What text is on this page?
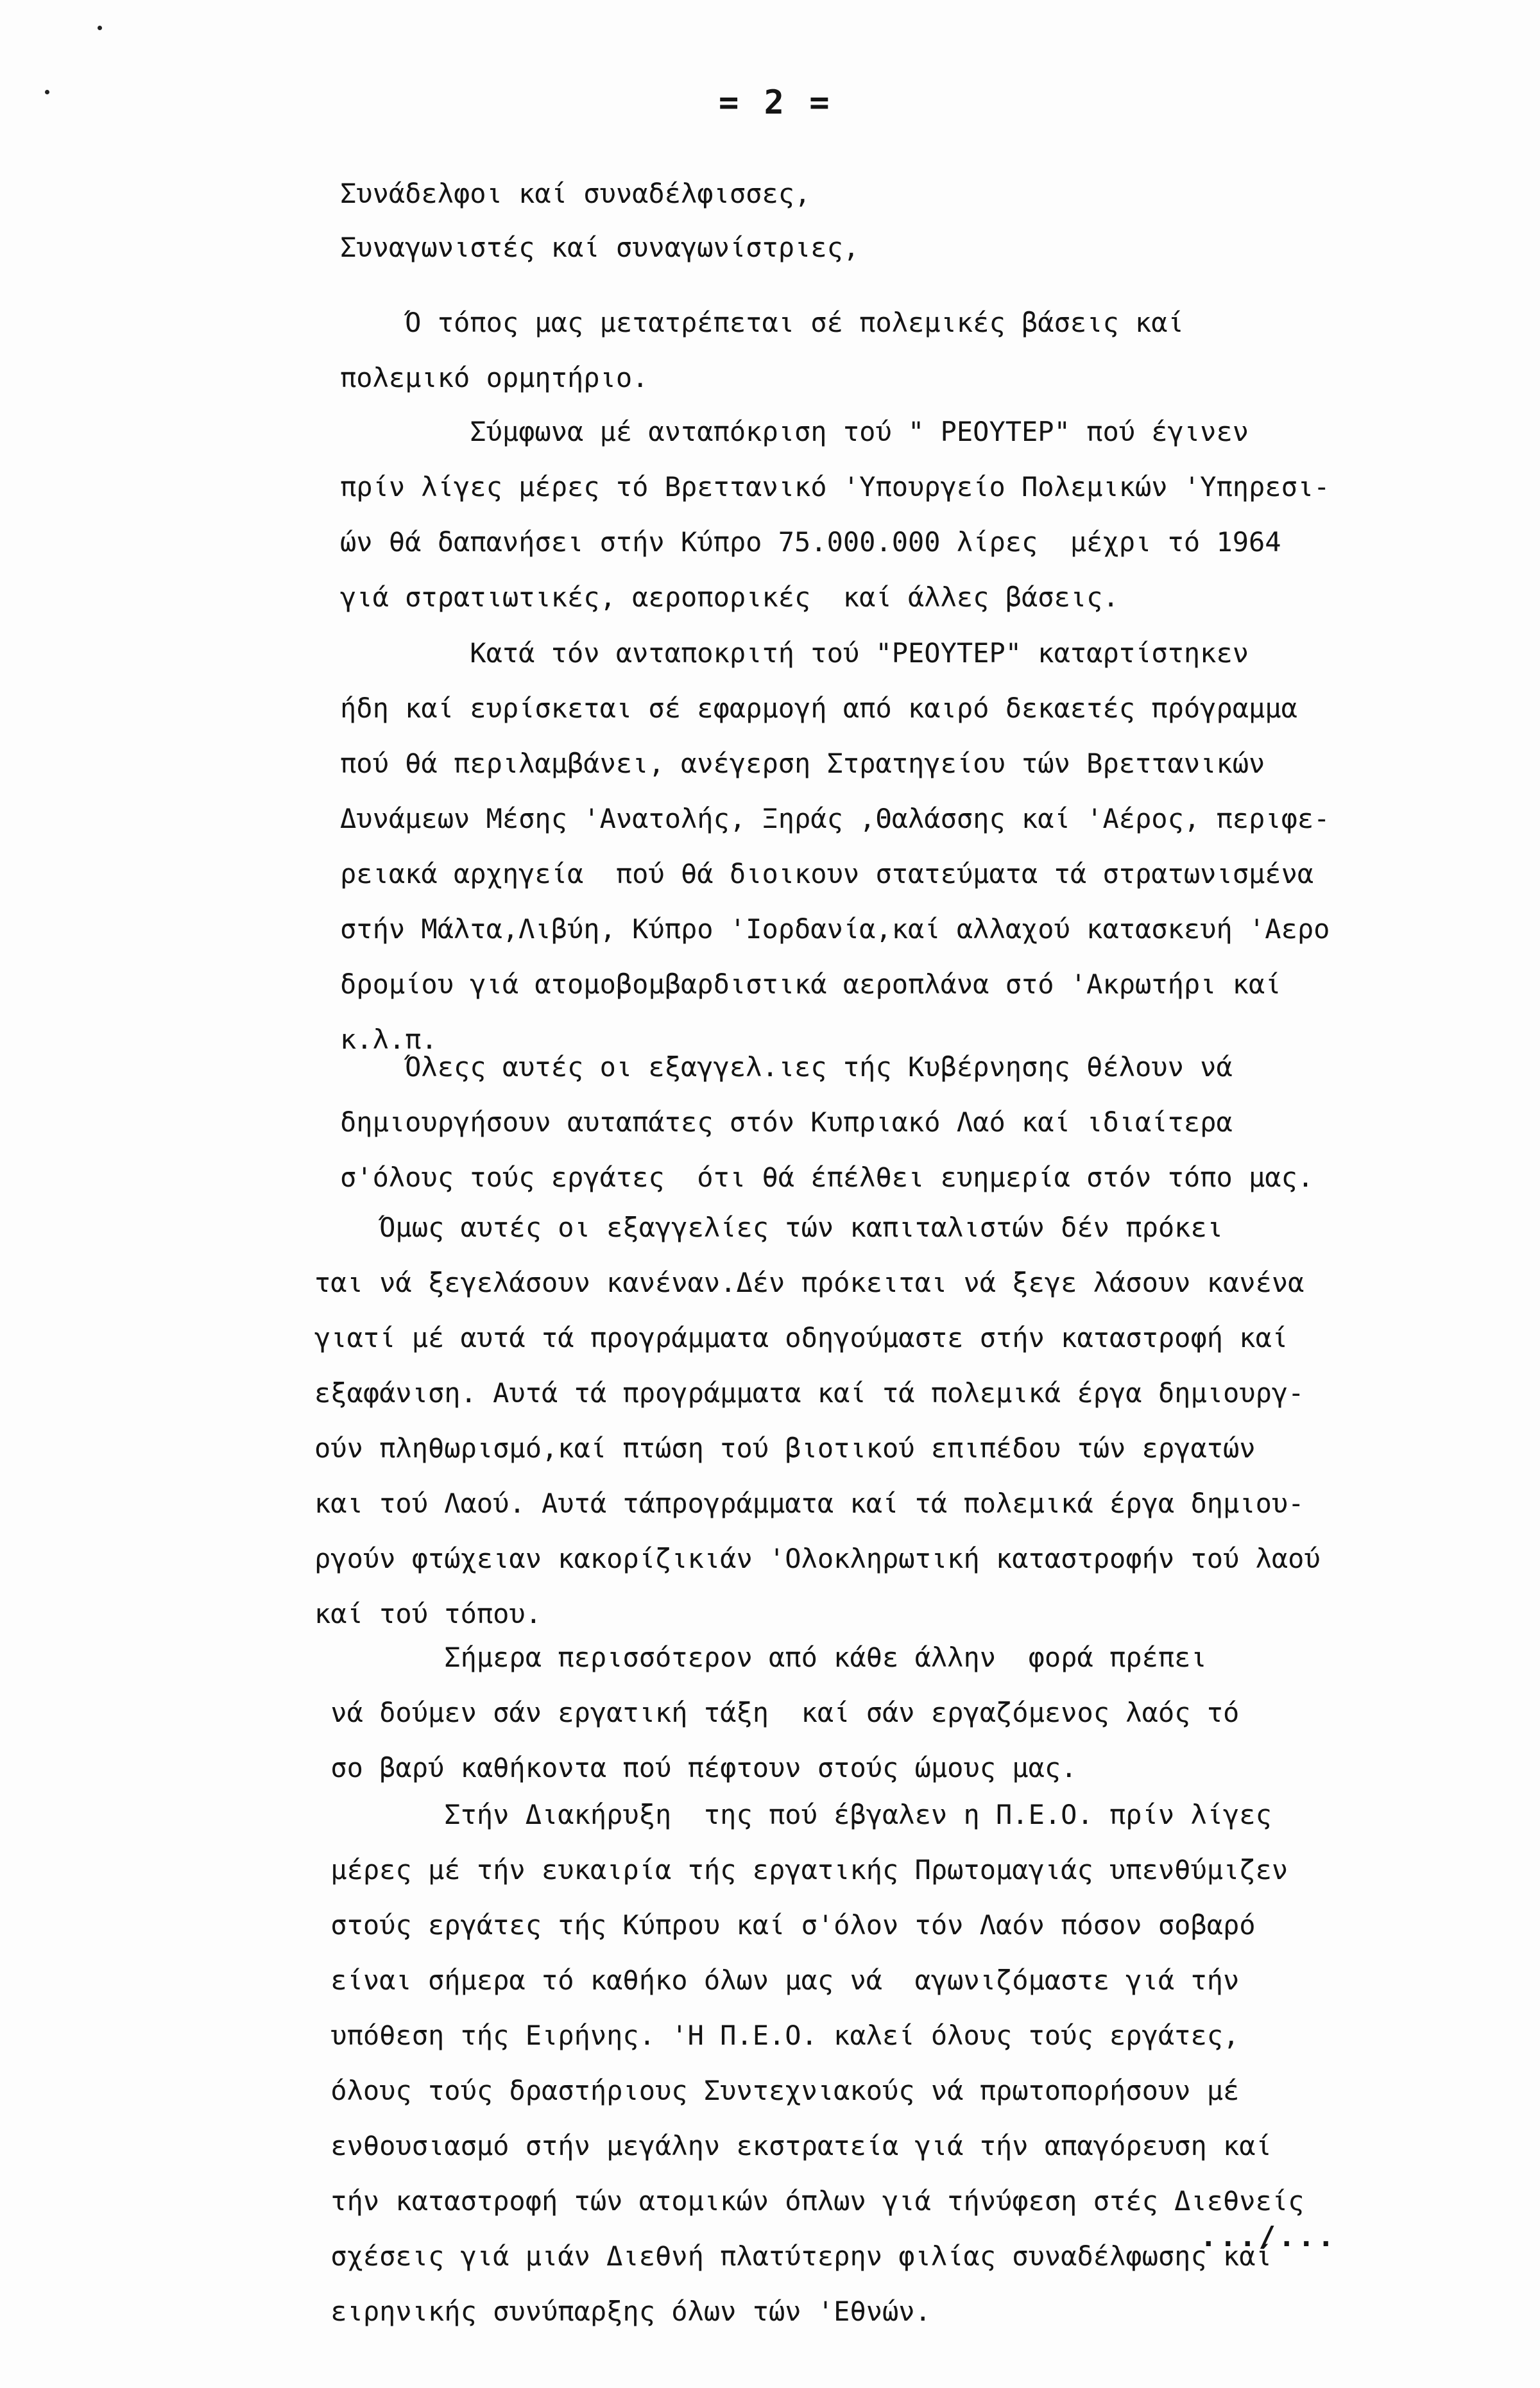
= 2 =
Συνάδελφοι καί συναδέλφισσες,
Συναγωνιστές καί συναγωνίστριες,

Ό τόπος μας μετατρέπεται σέ πολεμικές βάσεις καί
πολεμικό ορμητήριο.

Σύμφωνα μέ ανταπόκριση τού " ΡΕΟΥΤΕΡ" πού έγινεν
πρίν λίγες μέρες τό Βρεττανικό 'Υπουργείο Πολεμικών 'Υπηρεσι-
ών θά δαπανήσει στήν Κύπρο 75.000.000 λίρες  μέχρι τό 1964
γιά στρατιωτικές, αεροπορικές  καί άλλες βάσεις.

Κατά τόν ανταποκριτή τού "ΡΕΟΥΤΕΡ" καταρτίστηκεν
ήδη καί ευρίσκεται σέ εφαρμογή από καιρό δεκαετές πρόγραμμα
πού θά περιλαμβάνει, ανέγερση Στρατηγείου τών Βρεττανικών
Δυνάμεων Μέσης 'Ανατολής, Ξηράς ,Θαλάσσης καί 'Αέρος, περιφε-
ρειακά αρχηγεία  πού θά διοικουν στατεύματα τά στρατωνισμένα
στήν Μάλτα,Λιβύη, Κύπρο 'Ιορδανία,καί αλλαχού κατασκευή 'Αερο
δρομίου γιά ατομοβομβαρδιστικά αεροπλάνα στό 'Ακρωτήρι καί
κ.λ.π.

Όλεςς αυτές οι εξαγγελ.ιες τής Κυβέρνησης θέλουν νά
δημιουργήσουν αυταπάτες στόν Κυπριακό Λαό καί ιδιαίτερα
σ'όλους τούς εργάτες  ότι θά έπέλθει ευημερία στόν τόπο μας.

Όμως αυτές οι εξαγγελίες τών καπιταλιστών δέν πρόκει
ται νά ξεγελάσουν κανέναν.Δέν πρόκειται νά ξεγε λάσουν κανένα
γιατί μέ αυτά τά προγράμματα οδηγούμαστε στήν καταστροφή καί
εξαφάνιση. Αυτά τά προγράμματα καί τά πολεμικά έργα δημιουργ-
ούν πληθωρισμό,καί πτώση τού βιοτικού επιπέδου τών εργατών
και τού Λαού. Αυτά τάπρογράμματα καί τά πολεμικά έργα δημιου-
ργούν φτώχειαν κακορίζικιάν 'Ολοκληρωτική καταστροφήν τού λαού
καί τού τόπου.

Σήμερα περισσότερον από κάθε άλλην  φορά πρέπει
νά δούμεν σάν εργατική τάξη  καί σάν εργαζόμενος λαός τό
σο βαρύ καθήκοντα πού πέφτουν στούς ώμους μας.

Στήν Διακήρυξη  της πού έβγαλεν η Π.Ε.Ο. πρίν λίγες
μέρες μέ τήν ευκαιρία τής εργατικής Πρωτομαγιάς υπενθύμιζεν
στούς εργάτες τής Κύπρου καί σ'όλον τόν Λαόν πόσον σοβαρό
είναι σήμερα τό καθήκο όλων μας νά  αγωνιζόμαστε γιά τήν
υπόθεση τής Ειρήνης. 'Η Π.Ε.Ο. καλεί όλους τούς εργάτες,
όλους τούς δραστήριους Συντεχνιακούς νά πρωτοπορήσουν μέ
ενθουσιασμό στήν μεγάλην εκστρατεία γιά τήν απαγόρευση καί
τήν καταστροφή τών ατομικών όπλων γιά τήνύφεση στές Διεθνείς
σχέσεις γιά μιάν Διεθνή πλατύτερην φιλίας συναδέλφωσης καί
ειρηνικής συνύπαρξης όλων τών 'Εθνών.

.../...
